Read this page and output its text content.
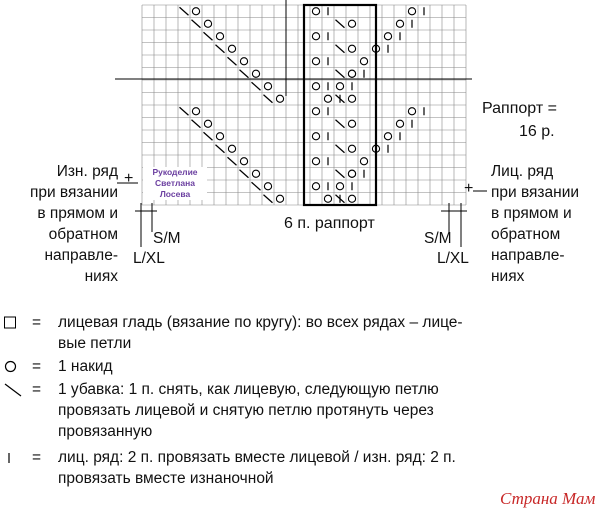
Изн. ряд
при вязании
в прямом и
обратном
направле-
ниях
+	Лиц. ряд
при вязании
в прямом и
обратном
направле-
ниях
+
Раппорт =
16 р.
6 п. раппорт
S/M
L/XL
S/M
L/XL
Рукоделие
Светлана
Лосева
= лицевая гладь (вязание по кругу): во всех рядах – лице-
вые петли
= 1 накид
= 1 убавка: 1 п. снять, как лицевую, следующую петлю
провязать лицевой и снятую петлю протянуть через
провязанную
= лиц. ряд: 2 п. провязать вместе лицевой / изн. ряд: 2 п.
провязать вместе изнаночной
Страна Мам
